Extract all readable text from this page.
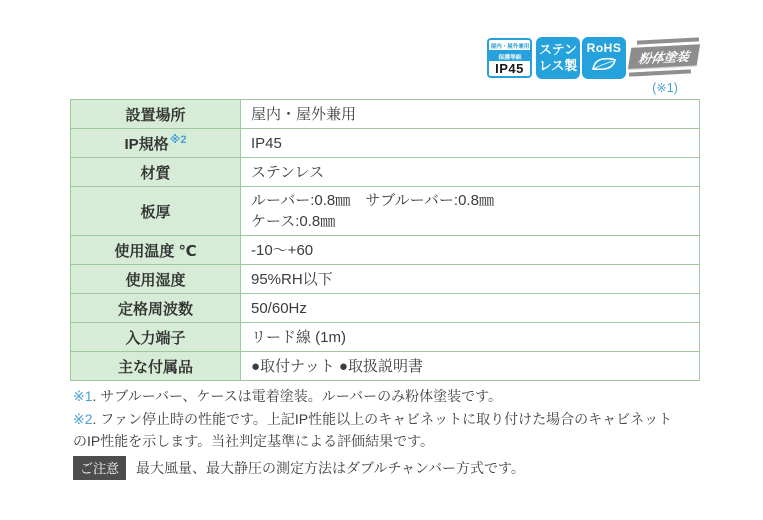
屋内・屋外兼用
保護等級
IP45
ステン
レス製
RoHS
粉体塗装
(※1)
設置場所	屋内・屋外兼用
IP規格$^{※2}$	IP45
材質	ステンレス
板厚	ルーバー:0.8㎜　サブルーバー:0.8㎜
ケース:0.8㎜

使用温度 ℃	-10〜+60
使用湿度	95%RH以下
定格周波数	50/60Hz
入力端子	リード線 (1m)
主な付属品	●取付ナット ●取扱説明書
※1. サブルーバー、ケースは電着塗装。ルーバーのみ粉体塗装です。
※2. ファン停止時の性能です。上記IP性能以上のキャビネットに取り付けた場合のキャビネット
のIP性能を示します。当社判定基準による評価結果です。
ご注意	最大風量、最大静圧の測定方法はダブルチャンバー方式です。
